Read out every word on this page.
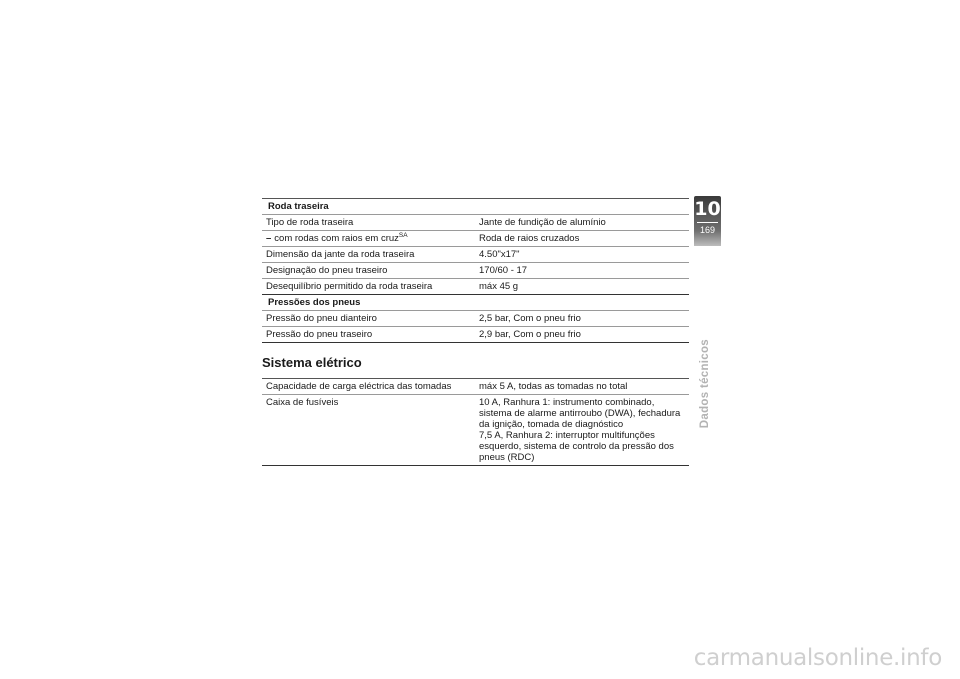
Roda traseira	
Tipo de roda traseira	Jante de fundição de alumínio
– com rodas com raios em cruz$^{SA}$	Roda de raios cruzados
Dimensão da jante da roda traseira	4.50"x17"
Designação do pneu traseiro	170/60 - 17
Desequilíbrio permitido da roda traseira	máx 45 g
Pressões dos pneus	
Pressão do pneu dianteiro	2,5 bar, Com o pneu frio
Pressão do pneu traseiro	2,9 bar, Com o pneu frio
Sistema elétrico
Capacidade de carga eléctrica das tomadas	máx 5 A, todas as tomadas no total
Caixa de fusíveis	10 A, Ranhura 1: instrumento combinado, sistema de alarme antirroubo (DWA), fechadura da ignição, tomada de diagnóstico
7,5 A, Ranhura 2: interruptor multifunções esquerdo, sistema de controlo da pressão dos pneus (RDC)
10
169
Dados técnicos
carmanualsonline.info
